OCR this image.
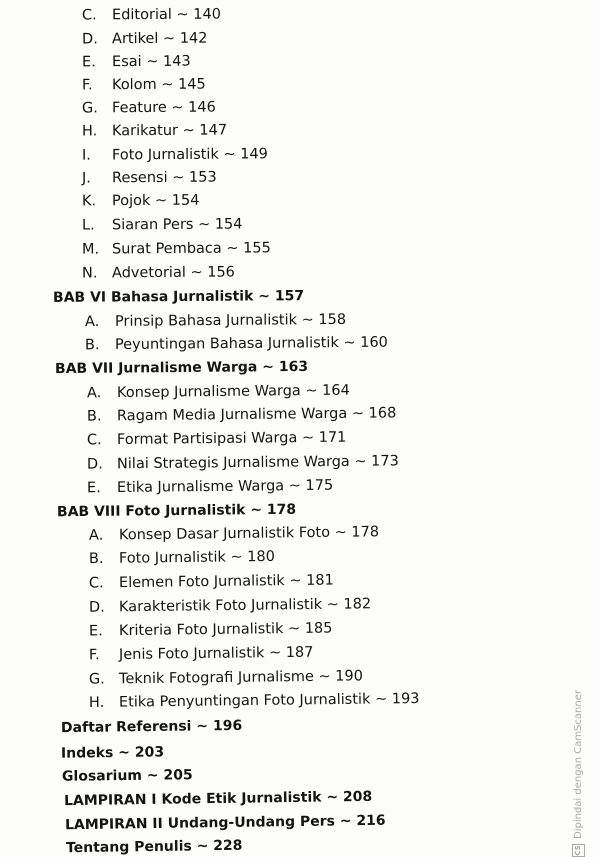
C. Editorial ~ 140
D. Artikel ~ 142
E. Esai ~ 143
F. Kolom ~ 145
G. Feature ~ 146
H. Karikatur ~ 147
I. Foto Jurnalistik ~ 149
J. Resensi ~ 153
K. Pojok ~ 154
L. Siaran Pers ~ 154
M. Surat Pembaca ~ 155
N. Advetorial ~ 156
BAB VI Bahasa Jurnalistik ~ 157
A. Prinsip Bahasa Jurnalistik ~ 158
B. Peyuntingan Bahasa Jurnalistik ~ 160
BAB VII Jurnalisme Warga ~ 163
A. Konsep Jurnalisme Warga ~ 164
B. Ragam Media Jurnalisme Warga ~ 168
C. Format Partisipasi Warga ~ 171
D. Nilai Strategis Jurnalisme Warga ~ 173
E. Etika Jurnalisme Warga ~ 175
BAB VIII Foto Jurnalistik ~ 178
A. Konsep Dasar Jurnalistik Foto ~ 178
B. Foto Jurnalistik ~ 180
C. Elemen Foto Jurnalistik ~ 181
D. Karakteristik Foto Jurnalistik ~ 182
E. Kriteria Foto Jurnalistik ~ 185
F. Jenis Foto Jurnalistik ~ 187
G. Teknik Fotografi Jurnalisme ~ 190
H. Etika Penyuntingan Foto Jurnalistik ~ 193
Daftar Referensi ~ 196
Indeks ~ 203
Glosarium ~ 205
LAMPIRAN I Kode Etik Jurnalistik ~ 208
LAMPIRAN II Undang-Undang Pers ~ 216
Tentang Penulis ~ 228	CS
Dipindai dengan CamScanner
